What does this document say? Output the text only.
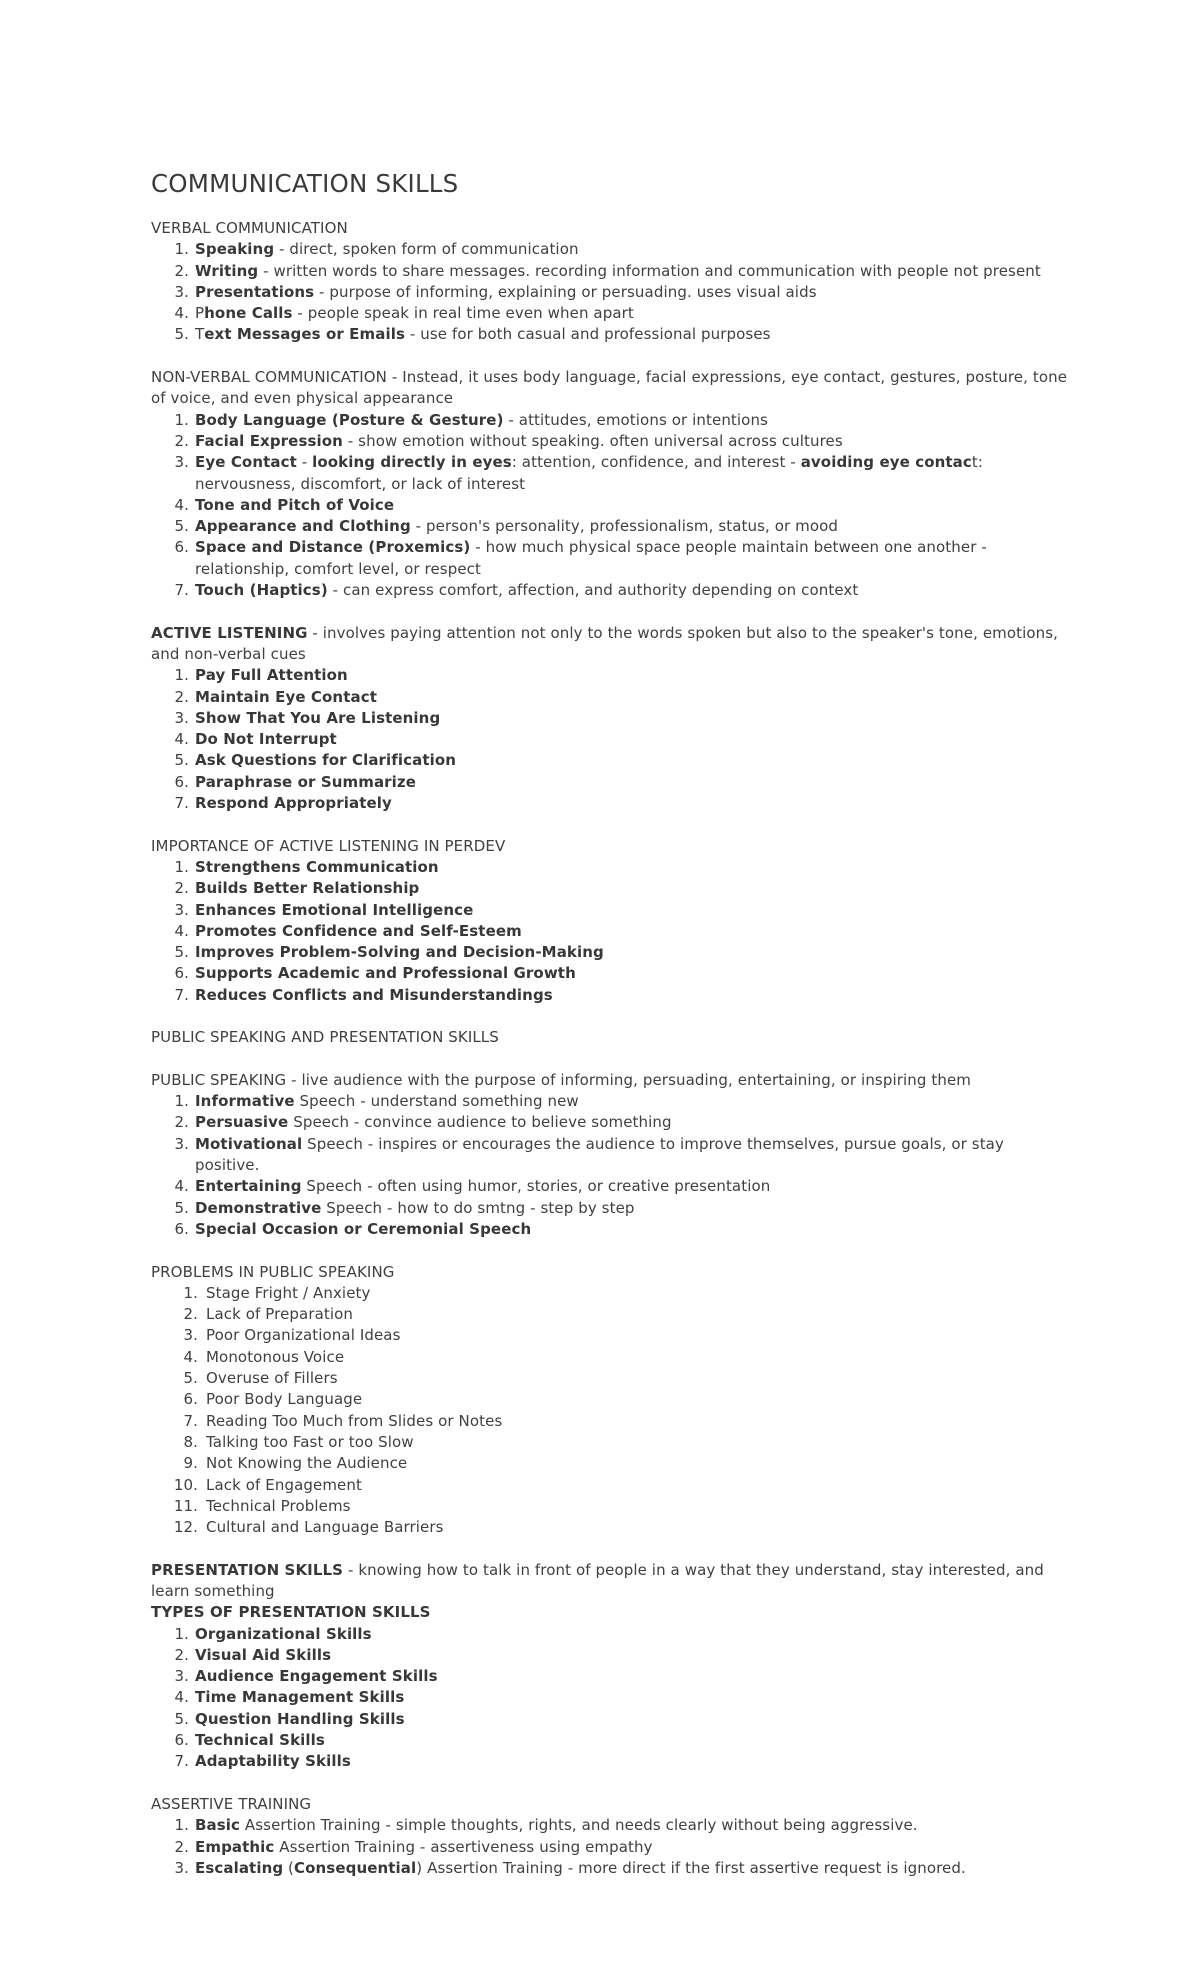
COMMUNICATION SKILLS

VERBAL COMMUNICATION

1. Speaking - direct, spoken form of communication
2. Writing - written words to share messages. recording information and communication with people not present
3. Presentations - purpose of informing, explaining or persuading. uses visual aids
4. Phone Calls - people speak in real time even when apart
5. Text Messages or Emails - use for both casual and professional purposes

NON-VERBAL COMMUNICATION - Instead, it uses body language, facial expressions, eye contact, gestures, posture, tone of voice, and even physical appearance

1. Body Language (Posture & Gesture) - attitudes, emotions or intentions
2. Facial Expression - show emotion without speaking. often universal across cultures
3. Eye Contact - looking directly in eyes: attention, confidence, and interest - avoiding eye contact: nervousness, discomfort, or lack of interest
4. Tone and Pitch of Voice
5. Appearance and Clothing - person's personality, professionalism, status, or mood
6. Space and Distance (Proxemics) - how much physical space people maintain between one another - relationship, comfort level, or respect
7. Touch (Haptics) - can express comfort, affection, and authority depending on context

ACTIVE LISTENING - involves paying attention not only to the words spoken but also to the speaker's tone, emotions, and non-verbal cues

1. Pay Full Attention
2. Maintain Eye Contact
3. Show That You Are Listening
4. Do Not Interrupt
5. Ask Questions for Clarification
6. Paraphrase or Summarize
7. Respond Appropriately

IMPORTANCE OF ACTIVE LISTENING IN PERDEV

1. Strengthens Communication
2. Builds Better Relationship
3. Enhances Emotional Intelligence
4. Promotes Confidence and Self-Esteem
5. Improves Problem-Solving and Decision-Making
6. Supports Academic and Professional Growth
7. Reduces Conflicts and Misunderstandings

PUBLIC SPEAKING AND PRESENTATION SKILLS

PUBLIC SPEAKING - live audience with the purpose of informing, persuading, entertaining, or inspiring them

1. Informative Speech - understand something new
2. Persuasive Speech - convince audience to believe something
3. Motivational Speech - inspires or encourages the audience to improve themselves, pursue goals, or stay positive.
4. Entertaining Speech - often using humor, stories, or creative presentation
5. Demonstrative Speech - how to do smtng - step by step
6. Special Occasion or Ceremonial Speech

PROBLEMS IN PUBLIC SPEAKING

1. Stage Fright / Anxiety
2. Lack of Preparation
3. Poor Organizational Ideas
4. Monotonous Voice
5. Overuse of Fillers
6. Poor Body Language
7. Reading Too Much from Slides or Notes
8. Talking too Fast or too Slow
9. Not Knowing the Audience
10. Lack of Engagement
11. Technical Problems
12. Cultural and Language Barriers

PRESENTATION SKILLS - knowing how to talk in front of people in a way that they understand, stay interested, and learn something

TYPES OF PRESENTATION SKILLS

1. Organizational Skills
2. Visual Aid Skills
3. Audience Engagement Skills
4. Time Management Skills
5. Question Handling Skills
6. Technical Skills
7. Adaptability Skills

ASSERTIVE TRAINING

1. Basic Assertion Training - simple thoughts, rights, and needs clearly without being aggressive.
2. Empathic Assertion Training - assertiveness using empathy
3. Escalating (Consequential) Assertion Training - more direct if the first assertive request is ignored.
